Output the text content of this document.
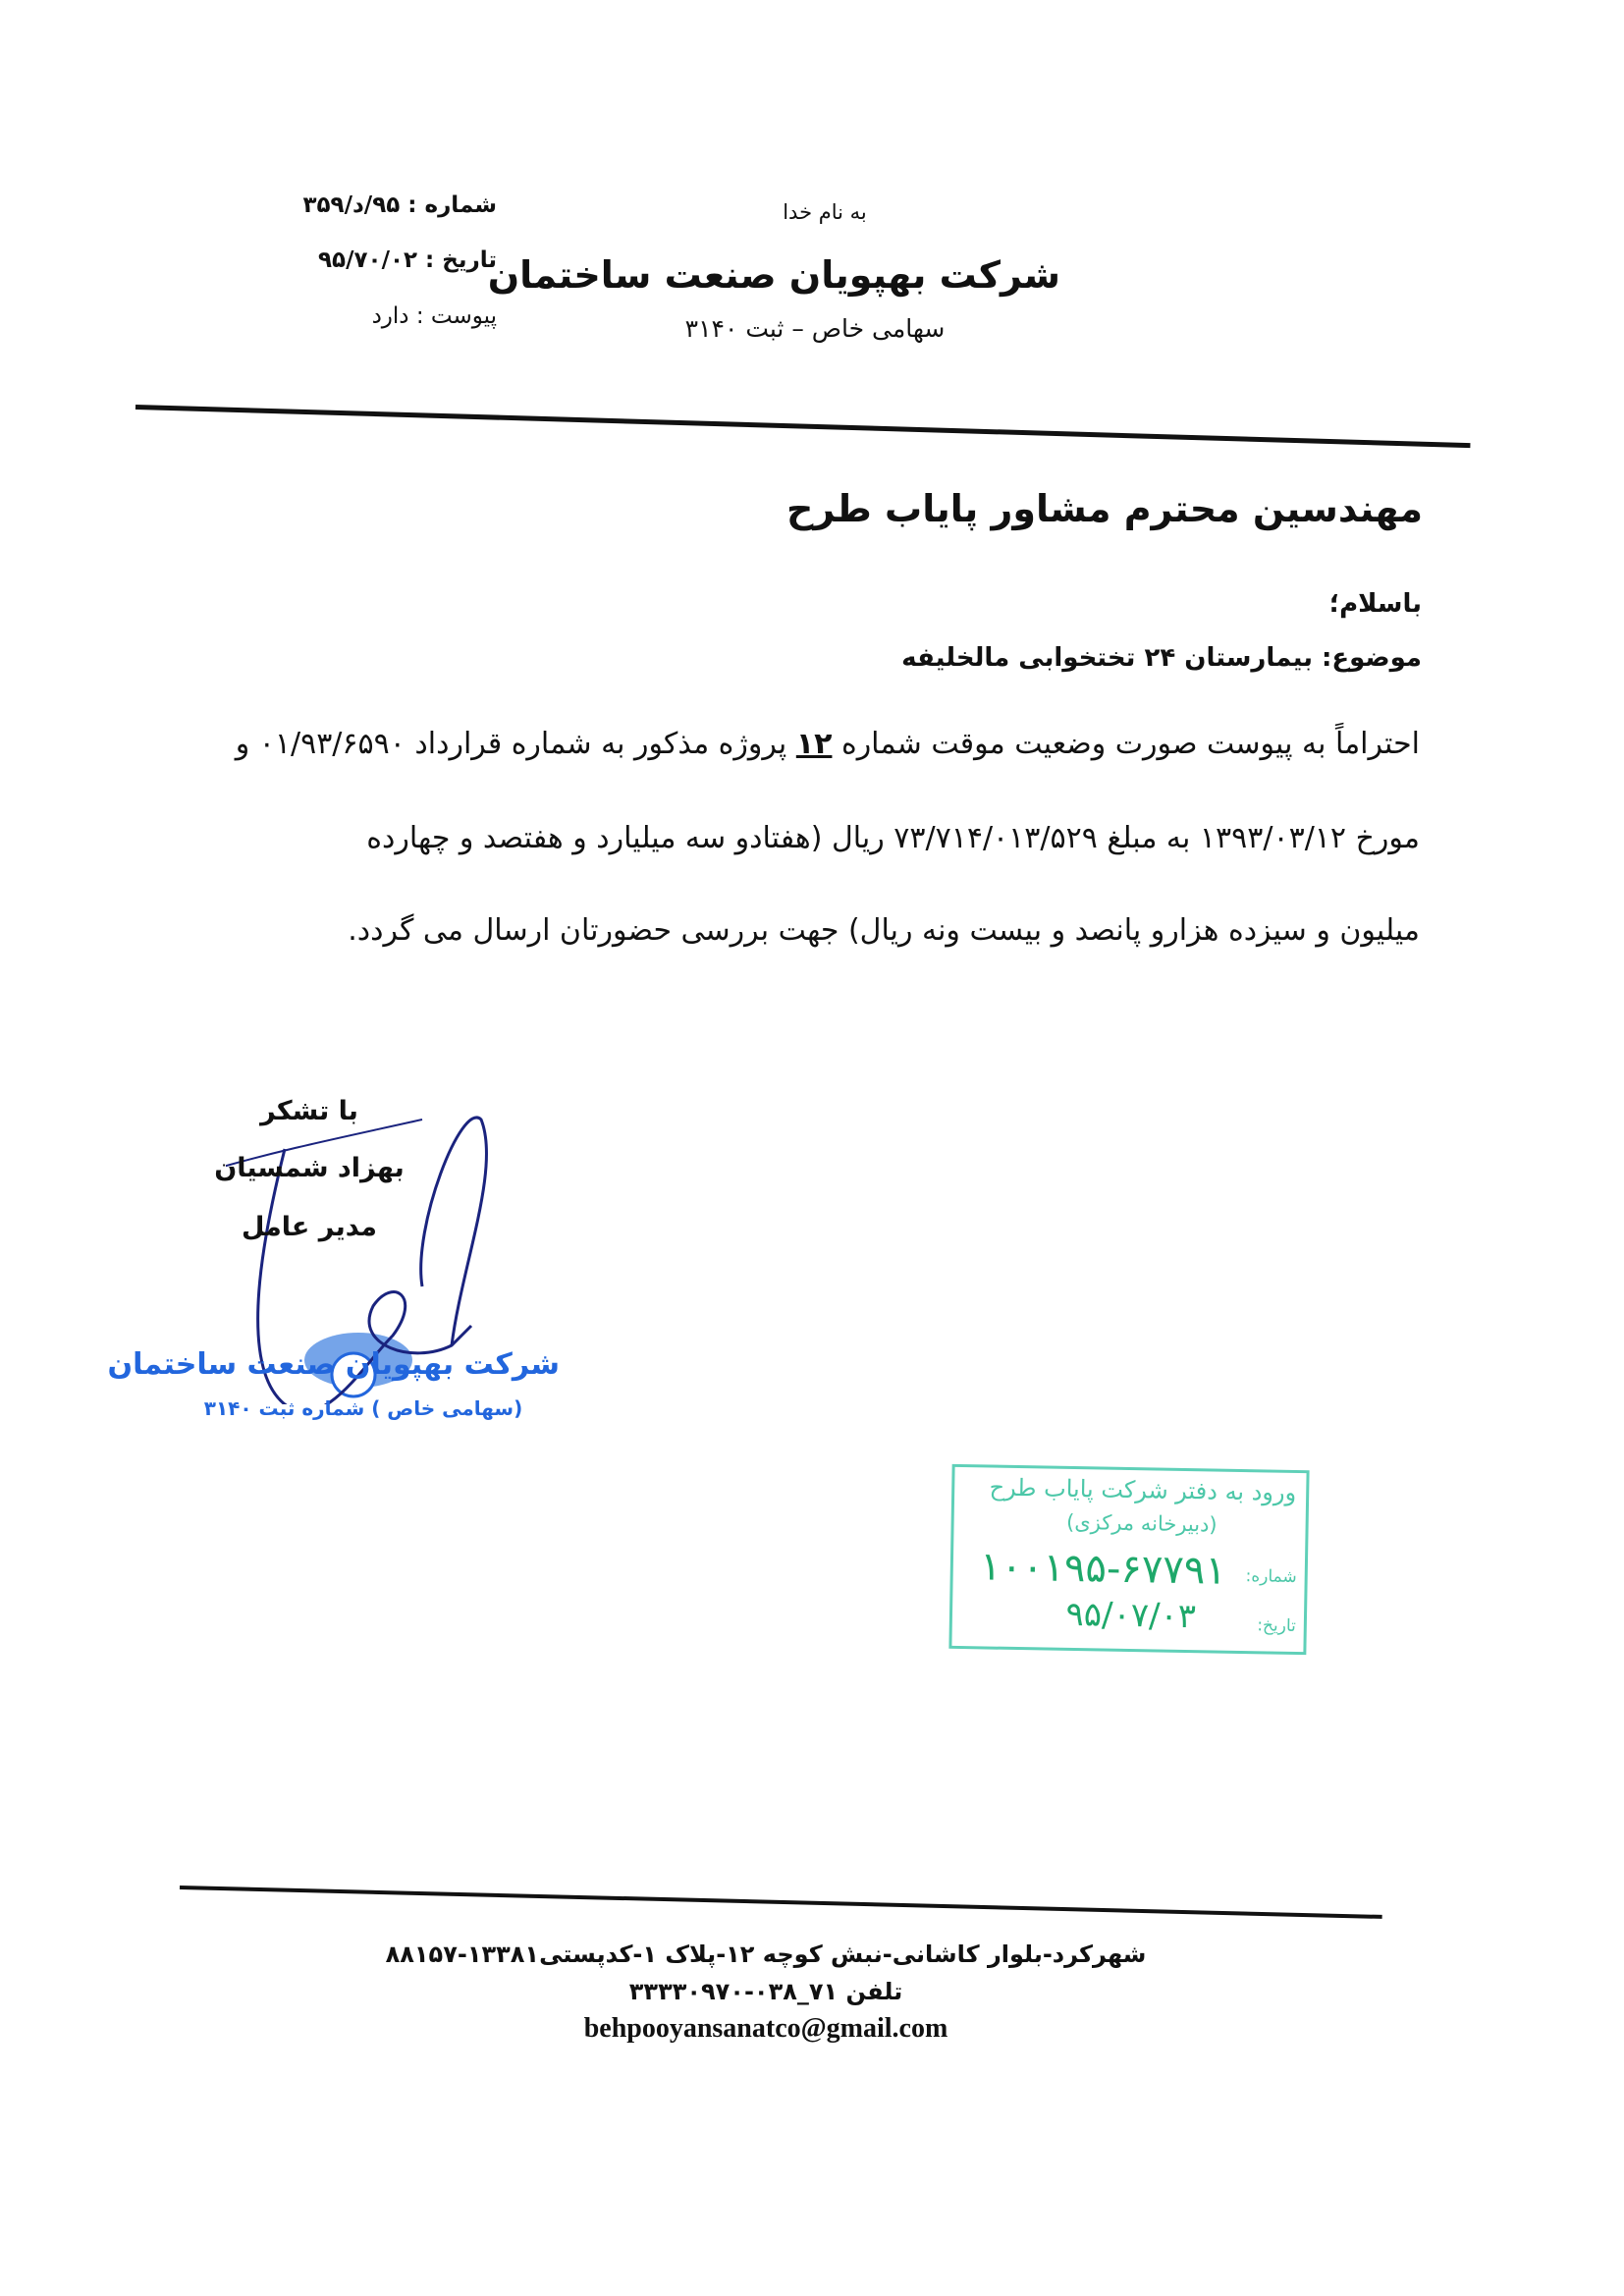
به نام خدا
شرکت بهپویان صنعت ساختمان
سهامی خاص – ثبت ۳۱۴۰
شماره : ۹۵/د/۳۵۹
تاریخ : ۹۵/۷۰/۰۲
پیوست : دارد
مهندسین محترم مشاور پایاب طرح
باسلام؛
موضوع: بیمارستان ۲۴ تختخوابی مالخلیفه
احتراماً به پیوست صورت وضعیت موقت شماره ۱۲ پروژه مذکور به شماره قرارداد ۰۱/۹۳/۶۵۹۰ و
مورخ ۱۳۹۳/۰۳/۱۲ به مبلغ ۷۳/۷۱۴/۰۱۳/۵۲۹ ریال (هفتادو سه میلیارد و هفتصد و چهارده
میلیون و سیزده هزارو پانصد و بیست ونه ریال) جهت بررسی حضورتان ارسال می گردد.
با تشکر
بهزاد شمسیان
مدیر عامل
شرکت بهپویان صنعت ساختمان
(سهامی خاص ) شماره ثبت ۳۱۴۰
ورود به دفتر شرکت پایاب طرح
(دبیرخانه مرکزی)
شماره:
۱۰۰۱۹۵-۶۷۷۹۱
تاریخ:
۹۵/۰۷/۰۳
شهرکرد-بلوار کاشانی-نبش کوچه ۱۲-پلاک ۱-کدپستی۱۳۳۸۱-۸۸۱۵۷
تلفن ۷۱_۰۳۸-۳۳۳۳۰۹۷۰
behpooyansanatco@gmail.com
